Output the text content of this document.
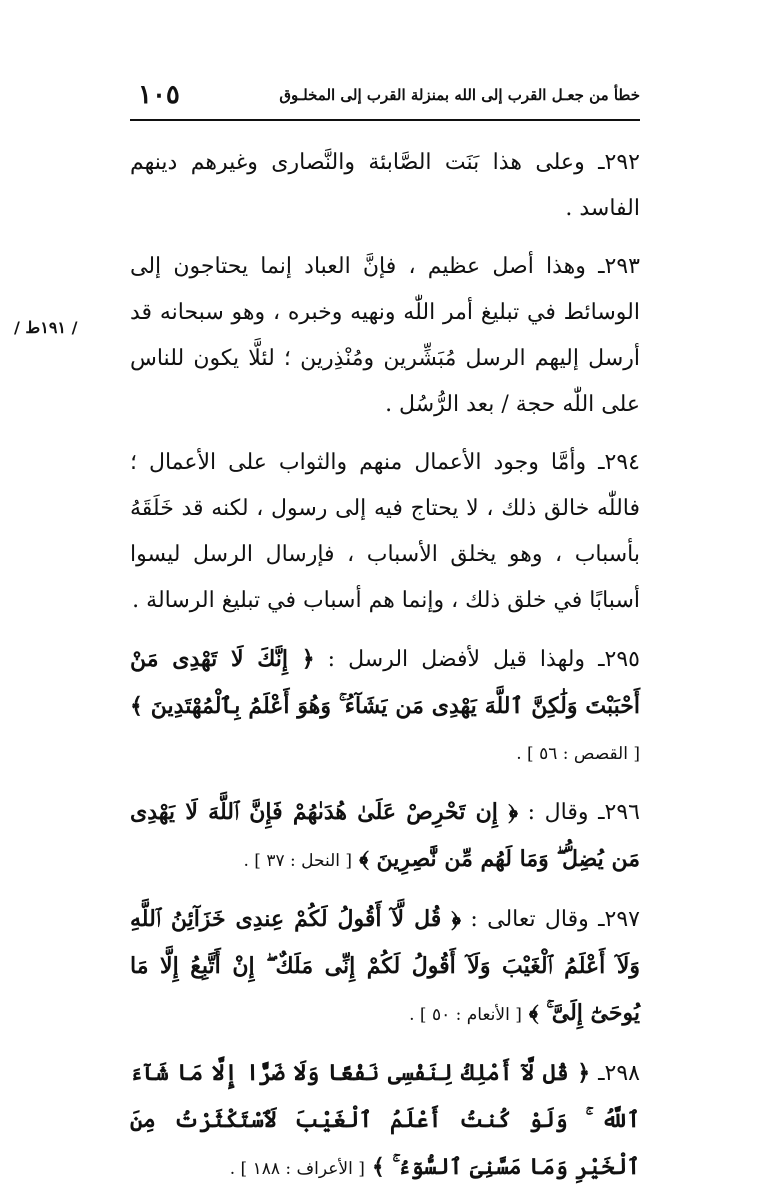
خطأ من جعـل القرب إلى الله بمنزلة القرب إلى المخلـوق
١٠٥
/ ١٩١ط /

٢٩٢ـ وعلى هذا بَنَت الصَّابئة والنَّصارى وغيرهم دينهم الفاسد .

٢٩٣ـ وهذا أصل عظيم ، فإنَّ العباد إنما يحتاجون إلى الوسائط في تبليغ أمر اللّٰه ونهيه وخبره ، وهو سبحانه قد أرسل إليهم الرسل مُبَشِّرين ومُنْذِرين ؛ لئلَّا يكون للناس على اللّٰه حجة / بعد الرُّسُل .

٢٩٤ـ وأمَّا وجود الأعمال منهم والثواب على الأعمال ؛ فاللّٰه خالق ذلك ، لا يحتاج فيه إلى رسول ، لكنه قد خَلَقَهُ بأسباب ، وهو يخلق الأسباب ، فإرسال الرسل ليسوا أسبابًا في خلق ذلك ، وإنما هم أسباب في تبليغ الرسالة .

٢٩٥ـ ولهذا قيل لأفضل الرسل : ﴿ إِنَّكَ لَا تَهْدِى مَنْ أَحْبَبْتَ وَلَٰكِنَّ ٱللَّهَ يَهْدِى مَن يَشَآءُ ۚ وَهُوَ أَعْلَمُ بِٱلْمُهْتَدِينَ ﴾ [ القصص : ٥٦ ] .

٢٩٦ـ وقال : ﴿ إِن تَحْرِصْ عَلَىٰ هُدَىٰهُمْ فَإِنَّ ٱللَّهَ لَا يَهْدِى مَن يُضِلُّ ۖ وَمَا لَهُم مِّن نَّٰصِرِينَ ﴾ [ النحل : ٣٧ ] .

٢٩٧ـ وقال تعالى : ﴿ قُل لَّآ أَقُولُ لَكُمْ عِندِى خَزَآئِنُ ٱللَّهِ وَلَآ أَعْلَمُ ٱلْغَيْبَ وَلَآ أَقُولُ لَكُمْ إِنِّى مَلَكٌ ۖ إِنْ أَتَّبِعُ إِلَّا مَا يُوحَىٰٓ إِلَىَّ ۚ ﴾ [ الأنعام : ٥٠ ] .

٢٩٨ـ ﴿ قُل لَّآ أَمْلِكُ لِنَفْسِى نَفْعًا وَلَا ضَرًّا إِلَّا مَا شَآءَ ٱللَّهُ ۚ وَلَوْ كُنتُ أَعْلَمُ ٱلْغَيْبَ لَٱسْتَكْثَرْتُ مِنَ ٱلْخَيْرِ وَمَا مَسَّنِىَ ٱلسُّوٓءُ ۚ ﴾ [ الأعراف : ١٨٨ ] .
